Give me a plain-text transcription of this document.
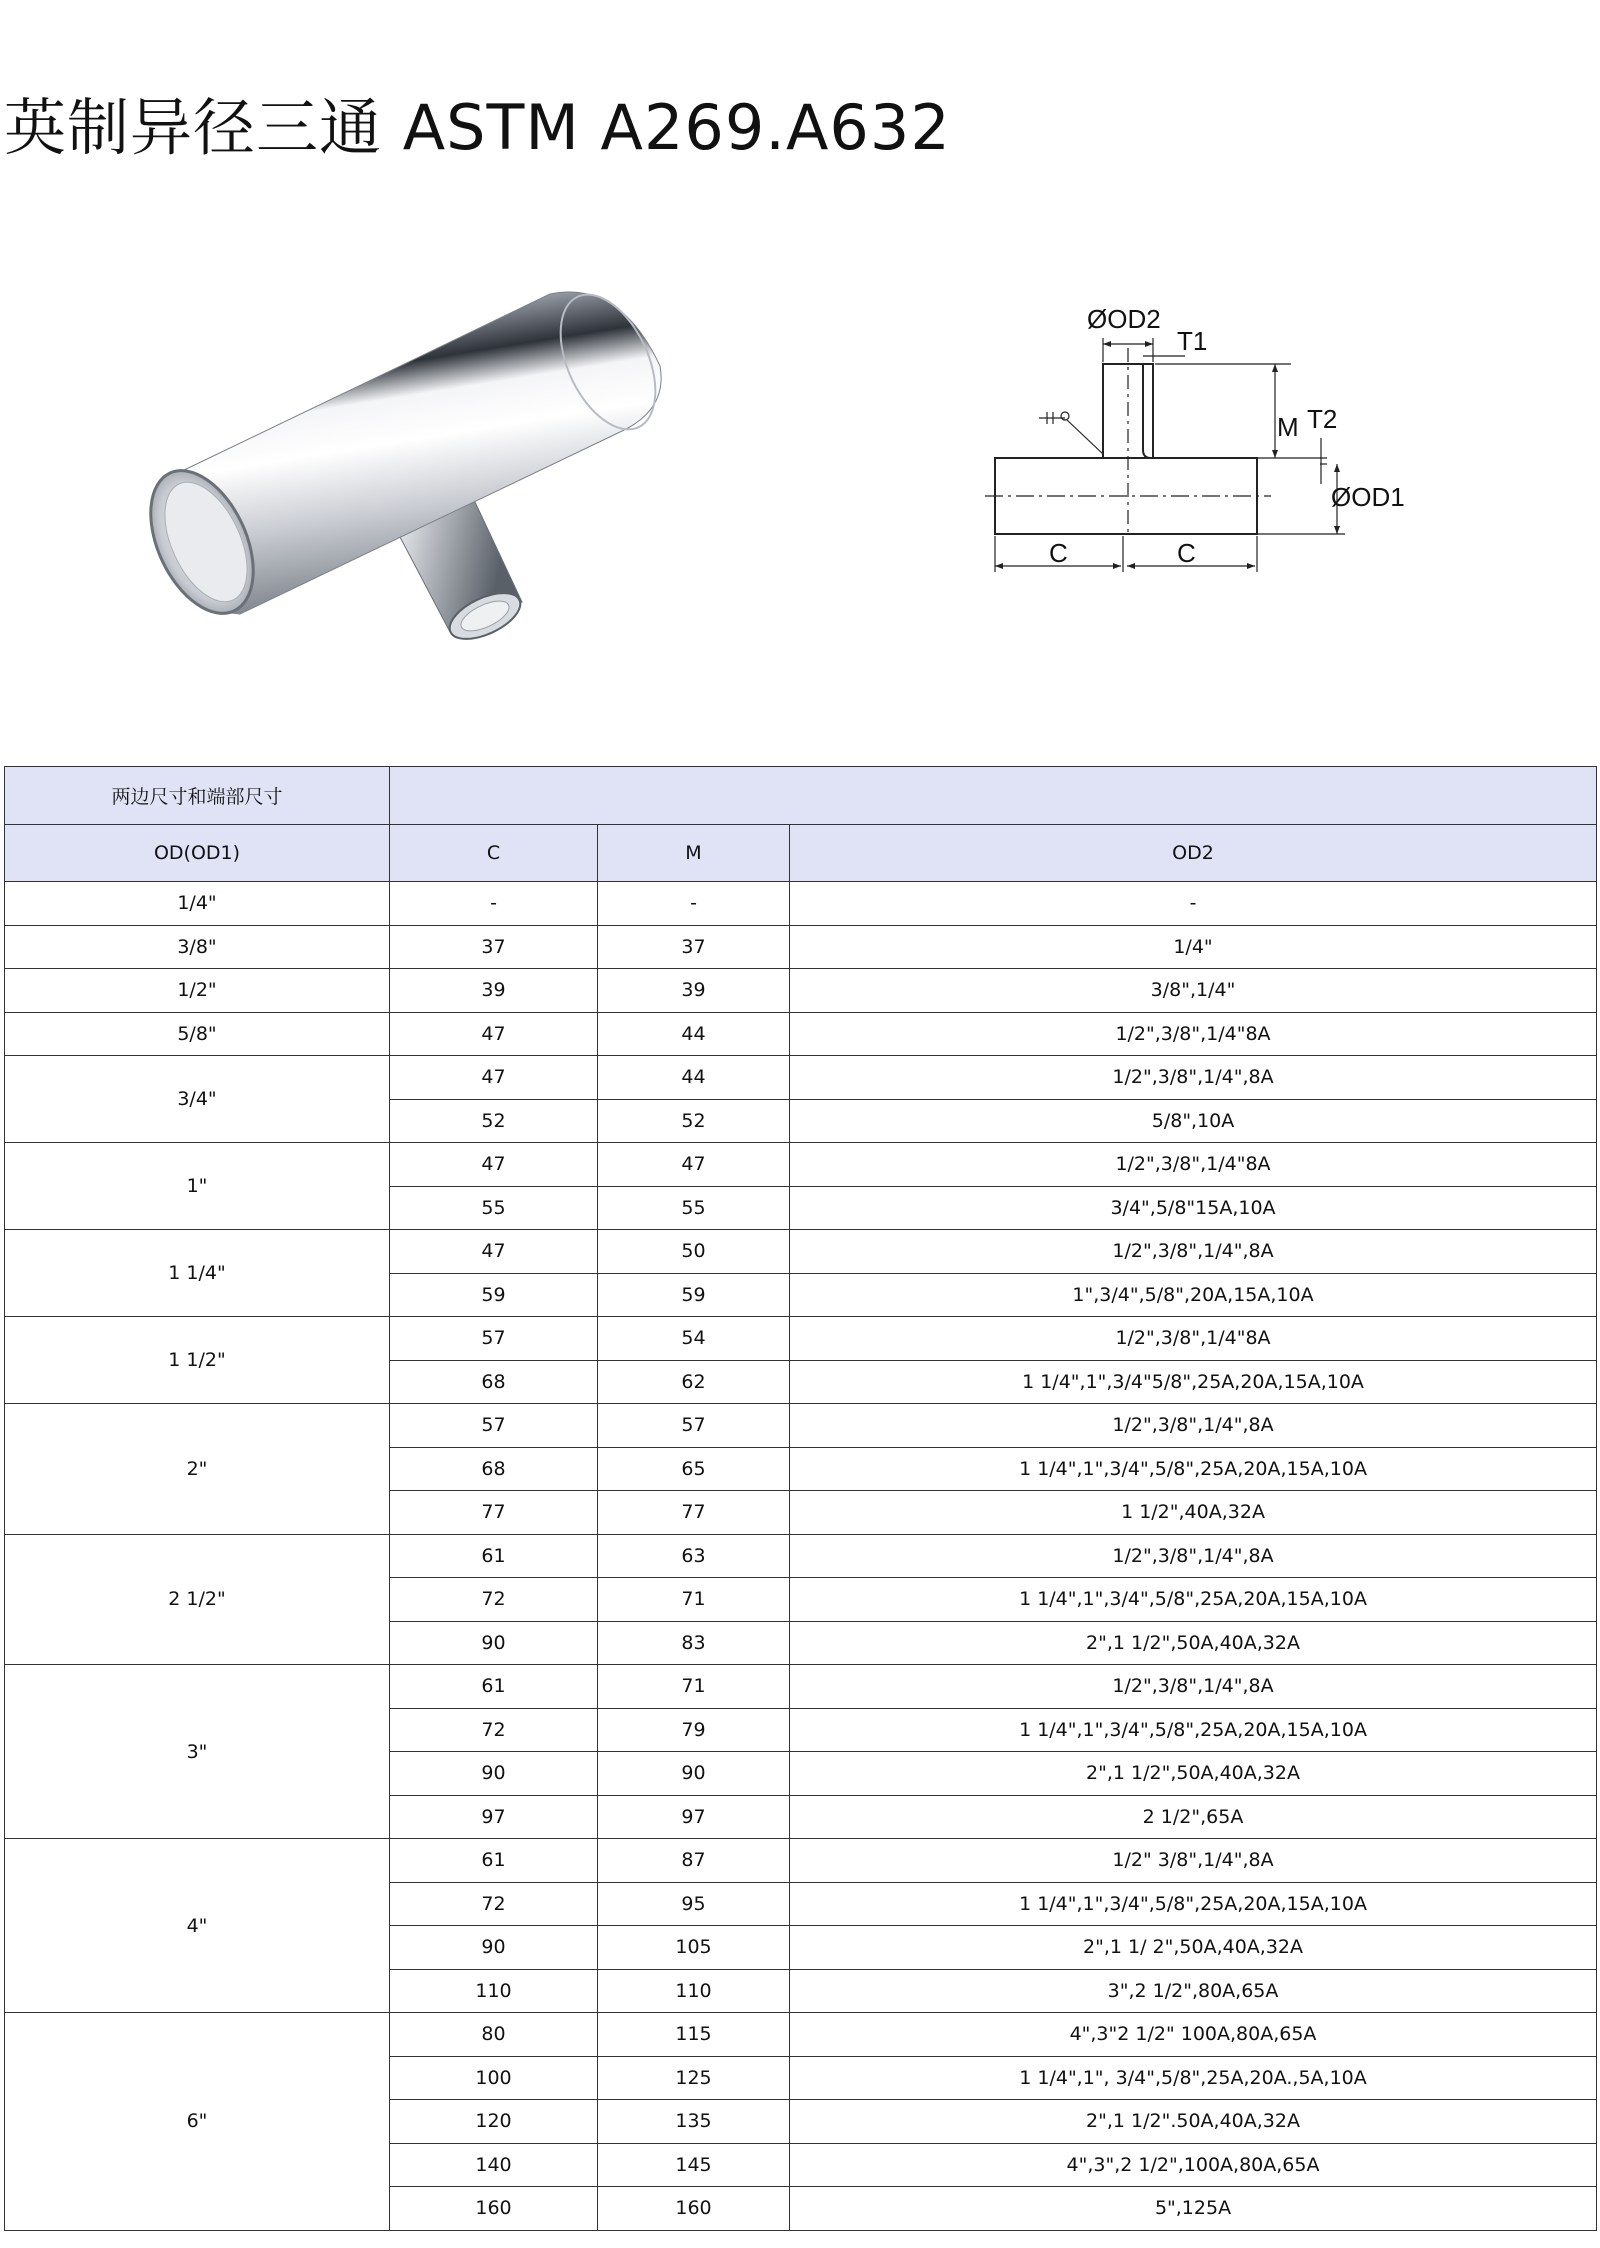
英制异径三通 ASTM A269.A632
ØOD2
T1
M T2
ØOD1
C	C
两边尺寸和端部尺寸			
OD(OD1)	C	M	OD2
1/4"	-	-	-
3/8"	37	37	1/4"
1/2"	39	39	3/8",1/4"
5/8"	47	44	1/2",3/8",1/4"8A
3/4"	47	44	1/2",3/8",1/4",8A
	52	52	5/8",10A
1"	47	47	1/2",3/8",1/4"8A
	55	55	3/4",5/8"15A,10A
1 1/4"	47	50	1/2",3/8",1/4",8A
	59	59	1",3/4",5/8",20A,15A,10A
1 1/2"	57	54	1/2",3/8",1/4"8A
	68	62	1 1/4",1",3/4"5/8",25A,20A,15A,10A
2"	57	57	1/2",3/8",1/4",8A
	68	65	1 1/4",1",3/4",5/8",25A,20A,15A,10A
	77	77	1 1/2",40A,32A
2 1/2"	61	63	1/2",3/8",1/4",8A
	72	71	1 1/4",1",3/4",5/8",25A,20A,15A,10A
	90	83	2",1 1/2",50A,40A,32A
3"	61	71	1/2",3/8",1/4",8A
	72	79	1 1/4",1",3/4",5/8",25A,20A,15A,10A
	90	90	2",1 1/2",50A,40A,32A
	97	97	2 1/2",65A
4"	61	87	1/2" 3/8",1/4",8A
	72	95	1 1/4",1",3/4",5/8",25A,20A,15A,10A
	90	105	2",1 1/ 2",50A,40A,32A
	110	110	3",2 1/2",80A,65A
6"	80	115	4",3"2 1/2" 100A,80A,65A
	100	125	1 1/4",1", 3/4",5/8",25A,20A.,5A,10A
	120	135	2",1 1/2".50A,40A,32A
	140	145	4",3",2 1/2",100A,80A,65A
	160	160	5",125A
